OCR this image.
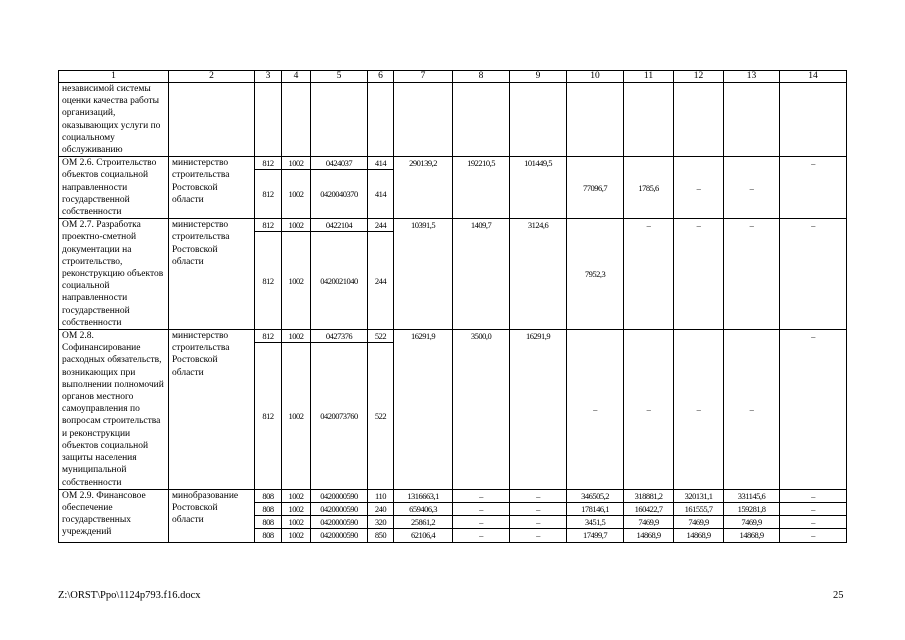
1	2	3	4	5	6	7	8	9	10	11	12	13	14
независимой системы оценки качества работы организаций, оказывающих услуги по социальному обслуживанию													
ОМ 2.6. Строительство объектов социальной направленности государственной собственности	министерство строительства Ростовской области	812	1002	0424037	414	290139,2	192210,5	101449,5	77096,7	1785,6	–	–	–
		812	1002	0420040370	414								
ОМ 2.7. Разработка проектно-сметной документации на строительство, реконструкцию объектов социальной направленности государственной собственности	министерство строительства Ростовской области	812	1002	0422104	244	10391,5	1409,7	3124,6	7952,3	–	–	–	–
		812	1002	0420021040	244								
ОМ 2.8. Софинансирование расходных обязательств, возникающих при выполнении полномочий органов местного самоуправления по вопросам строительства и реконструкции объектов социальной защиты населения муниципальной собственности	министерство строительства Ростовской области	812	1002	0427376	522	16291,9	3500,0	16291,9	–	–	–	–	–
		812	1002	0420073760	522								
ОМ 2.9. Финансовое обеспечение государственных учреждений	минобразование Ростовской области	808	1002	0420000590	110	1316663,1	–	–	346505,2	318881,2	320131,1	331145,6	–
		808	1002	0420000590	240	659406,3	–	–	178146,1	160422,7	161555,7	159281,8	–
		808	1002	0420000590	320	25861,2	–	–	3451,5	7469,9	7469,9	7469,9	–
		808	1002	0420000590	850	62106,4	–	–	17499,7	14868,9	14868,9	14868,9	–
Z:\ORST\Ppo\1124p793.f16.docx	25
